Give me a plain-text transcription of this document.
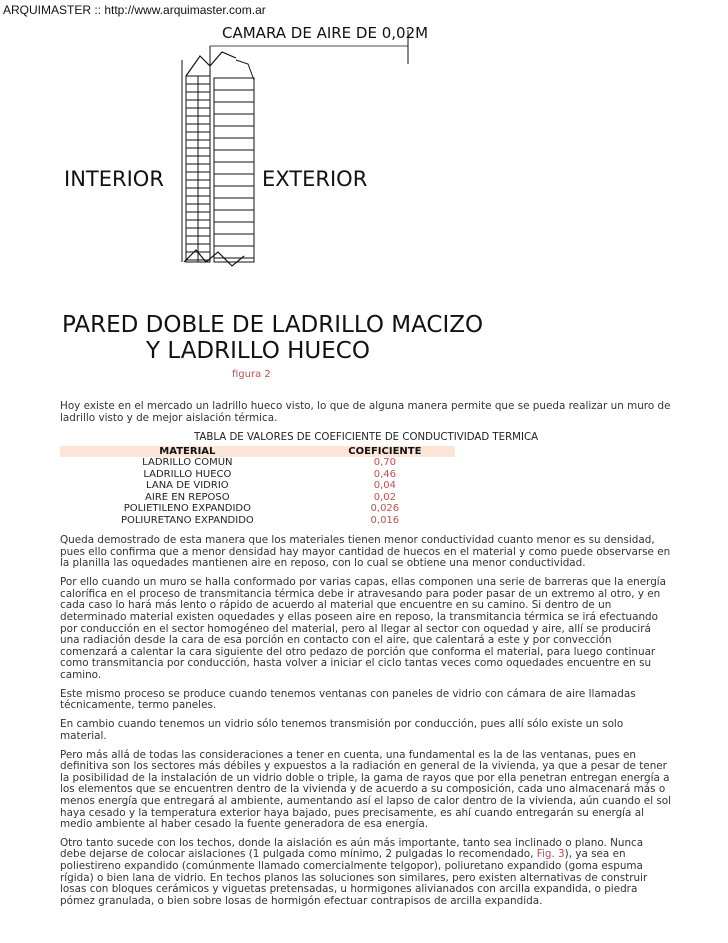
ARQUIMASTER :: http://www.arquimaster.com.ar
CAMARA DE AIRE DE 0,02M
INTERIOR	EXTERIOR
PARED DOBLE DE LADRILLO MACIZO
Y LADRILLO HUECO
figura 2

Hoy existe en el mercado un ladrillo hueco visto, lo que de alguna manera permite que se pueda realizar un muro de ladrillo visto y de mejor aislación térmica.

TABLA DE VALORES DE COEFICIENTE DE CONDUCTIVIDAD TERMICA
MATERIAL	COEFICIENTE
LADRILLO COMUN	0,70
LADRILLO HUECO	0,46
LANA DE VIDRIO	0,04
AIRE EN REPOSO	0,02
POLIETILENO EXPANDIDO	0,026
POLIURETANO EXPANDIDO	0,016

Queda demostrado de esta manera que los materiales tienen menor conductividad cuanto menor es su densidad, pues ello confirma que a menor densidad hay mayor cantidad de huecos en el material y como puede observarse en la planilla las oquedades mantienen aire en reposo, con lo cual se obtiene una menor conductividad.

Por ello cuando un muro se halla conformado por varias capas, ellas componen una serie de barreras que la energía calorífica en el proceso de transmitancia térmica debe ir atravesando para poder pasar de un extremo al otro, y en cada caso lo hará más lento o rápido de acuerdo al material que encuentre en su camino. Si dentro de un determinado material existen oquedades y ellas poseen aire en reposo, la transmitancia térmica se irá efectuando por conducción en el sector homogéneo del material, pero al llegar al sector con oquedad y aire, allí se producirá una radiación desde la cara de esa porción en contacto con el aire, que calentará a este y por convección comenzará a calentar la cara siguiente del otro pedazo de porción que conforma el material, para luego continuar como transmitancia por conducción, hasta volver a iniciar el ciclo tantas veces como oquedades encuentre en su camino.

Este mismo proceso se produce cuando tenemos ventanas con paneles de vidrio con cámara de aire llamadas técnicamente, termo paneles.

En cambio cuando tenemos un vidrio sólo tenemos transmisión por conducción, pues allí sólo existe un solo material.

Pero más allá de todas las consideraciones a tener en cuenta, una fundamental es la de las ventanas, pues en definitiva son los sectores más débiles y expuestos a la radiación en general de la vivienda, ya que a pesar de tener la posibilidad de la instalación de un vidrio doble o triple, la gama de rayos que por ella penetran entregan energía a los elementos que se encuentren dentro de la vivienda y de acuerdo a su composición, cada uno almacenará más o menos energía que entregará al ambiente, aumentando así el lapso de calor dentro de la vivienda, aún cuando el sol haya cesado y la temperatura exterior haya bajado, pues precisamente, es ahí cuando entregarán su energía al medio ambiente al haber cesado la fuente generadora de esa energía.

Otro tanto sucede con los techos, donde la aislación es aún más importante, tanto sea inclinado o plano. Nunca debe dejarse de colocar aislaciones (1 pulgada como mínimo, 2 pulgadas lo recomendado, Fig. 3), ya sea en poliestireno expandido (comúnmente llamado comercialmente telgopor), poliuretano expandido (goma espuma rígida) o bien lana de vidrio. En techos planos las soluciones son similares, pero existen alternativas de construir losas con bloques cerámicos y viguetas pretensadas, u hormigones alivianados con arcilla expandida, o piedra pómez granulada, o bien sobre losas de hormigón efectuar contrapisos de arcilla expandida.
